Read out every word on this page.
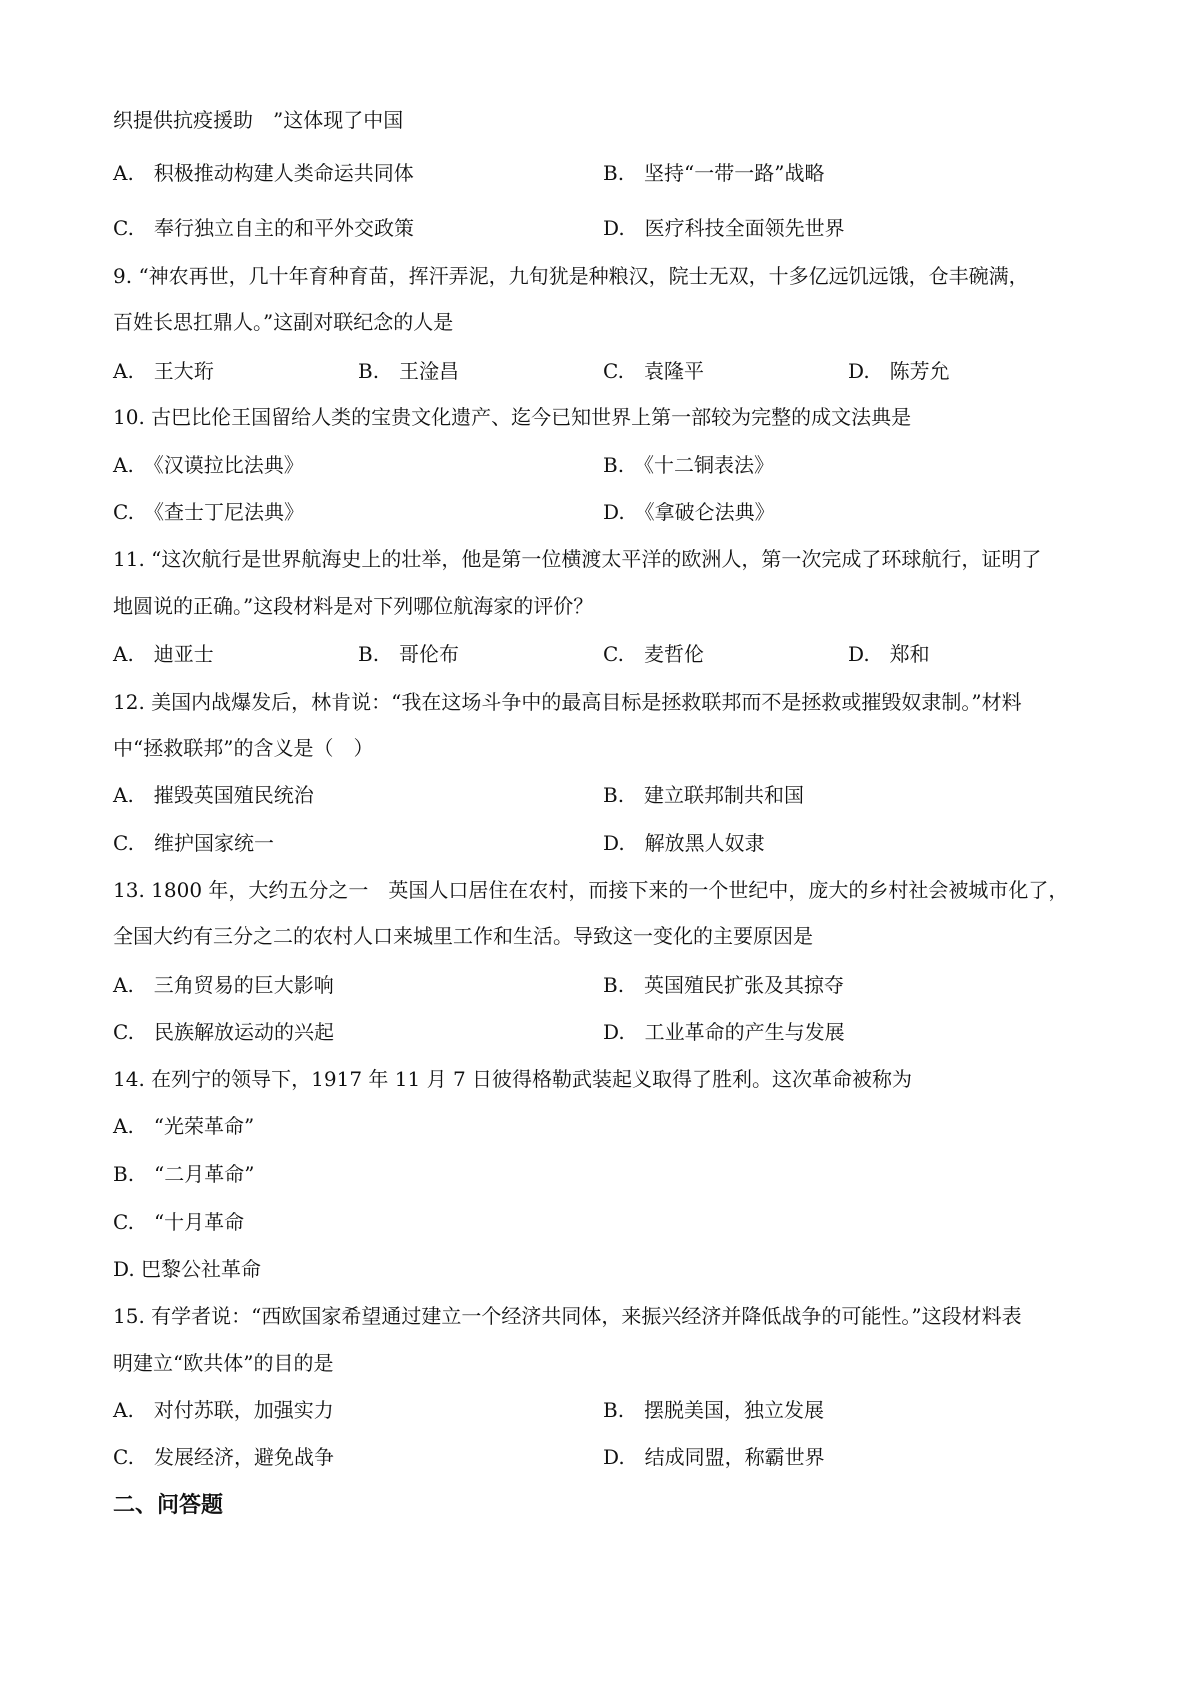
织提供抗疫援助　”这体现了中国
A.　积极推动构建人类命运共同体	B.　坚持“一带一路”战略
C.　奉行独立自主的和平外交政策	D.　医疗科技全面领先世界
9. “神农再世，几十年育种育苗，挥汗弄泥，九旬犹是种粮汉，院士无双，十多亿远饥远饿，仓丰碗满，
百姓长思扛鼎人。”这副对联纪念的人是
A.　王大珩	B.　王淦昌	C.　袁隆平	D.　陈芳允
10. 古巴比伦王国留给人类的宝贵文化遗产、迄今已知世界上第一部较为完整的成文法典是
A.　《汉谟拉比法典》	B.　《十二铜表法》
C.　《查士丁尼法典》	D.　《拿破仑法典》
11. “这次航行是世界航海史上的壮举，他是第一位横渡太平洋的欧洲人，第一次完成了环球航行，证明了
地圆说的正确。”这段材料是对下列哪位航海家的评价？
A.　迪亚士	B.　哥伦布	C.　麦哲伦	D.　郑和
12. 美国内战爆发后，林肯说：“我在这场斗争中的最高目标是拯救联邦而不是拯救或摧毁奴隶制。”材料
中“拯救联邦”的含义是（　）
A.　摧毁英国殖民统治	B.　建立联邦制共和国
C.　维护国家统一	D.　解放黑人奴隶
13. 1800 年，大约五分之一　英国人口居住在农村，而接下来的一个世纪中，庞大的乡村社会被城市化了，
全国大约有三分之二的农村人口来城里工作和生活。导致这一变化的主要原因是
A.　三角贸易的巨大影响	B.　英国殖民扩张及其掠夺
C.　民族解放运动的兴起	D.　工业革命的产生与发展
14. 在列宁的领导下，1917 年 11 月 7 日彼得格勒武装起义取得了胜利。这次革命被称为
A.　“光荣革命”
B.　“二月革命”
C.　“十月革命
D. 巴黎公社革命
15. 有学者说：“西欧国家希望通过建立一个经济共同体，来振兴经济并降低战争的可能性。”这段材料表
明建立“欧共体”的目的是
A.　对付苏联，加强实力	B.　摆脱美国，独立发展
C.　发展经济，避免战争	D.　结成同盟，称霸世界
二、问答题
